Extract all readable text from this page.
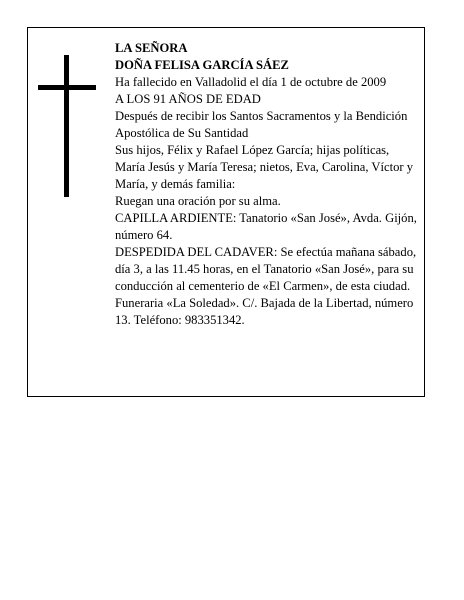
LA SEÑORA

DOÑA FELISA GARCÍA SÁEZ

Ha fallecido en Valladolid el día 1 de octubre de 2009

A LOS 91 AÑOS DE EDAD

Después de recibir los Santos Sacramentos y la Bendición Apostólica de Su Santidad

Sus hijos, Félix y Rafael López García; hijas políticas, María Jesús y María Teresa; nietos, Eva, Carolina, Víctor y María, y demás familia:

Ruegan una oración por su alma.

CAPILLA ARDIENTE: Tanatorio «San José», Avda. Gijón, número 64.

DESPEDIDA DEL CADAVER: Se efectúa mañana sábado, día 3, a las 11.45 horas, en el Tanatorio «San José», para su conducción al cementerio de «El Carmen», de esta ciudad.

Funeraria «La Soledad». C/. Bajada de la Libertad, número 13. Teléfono: 983351342.
